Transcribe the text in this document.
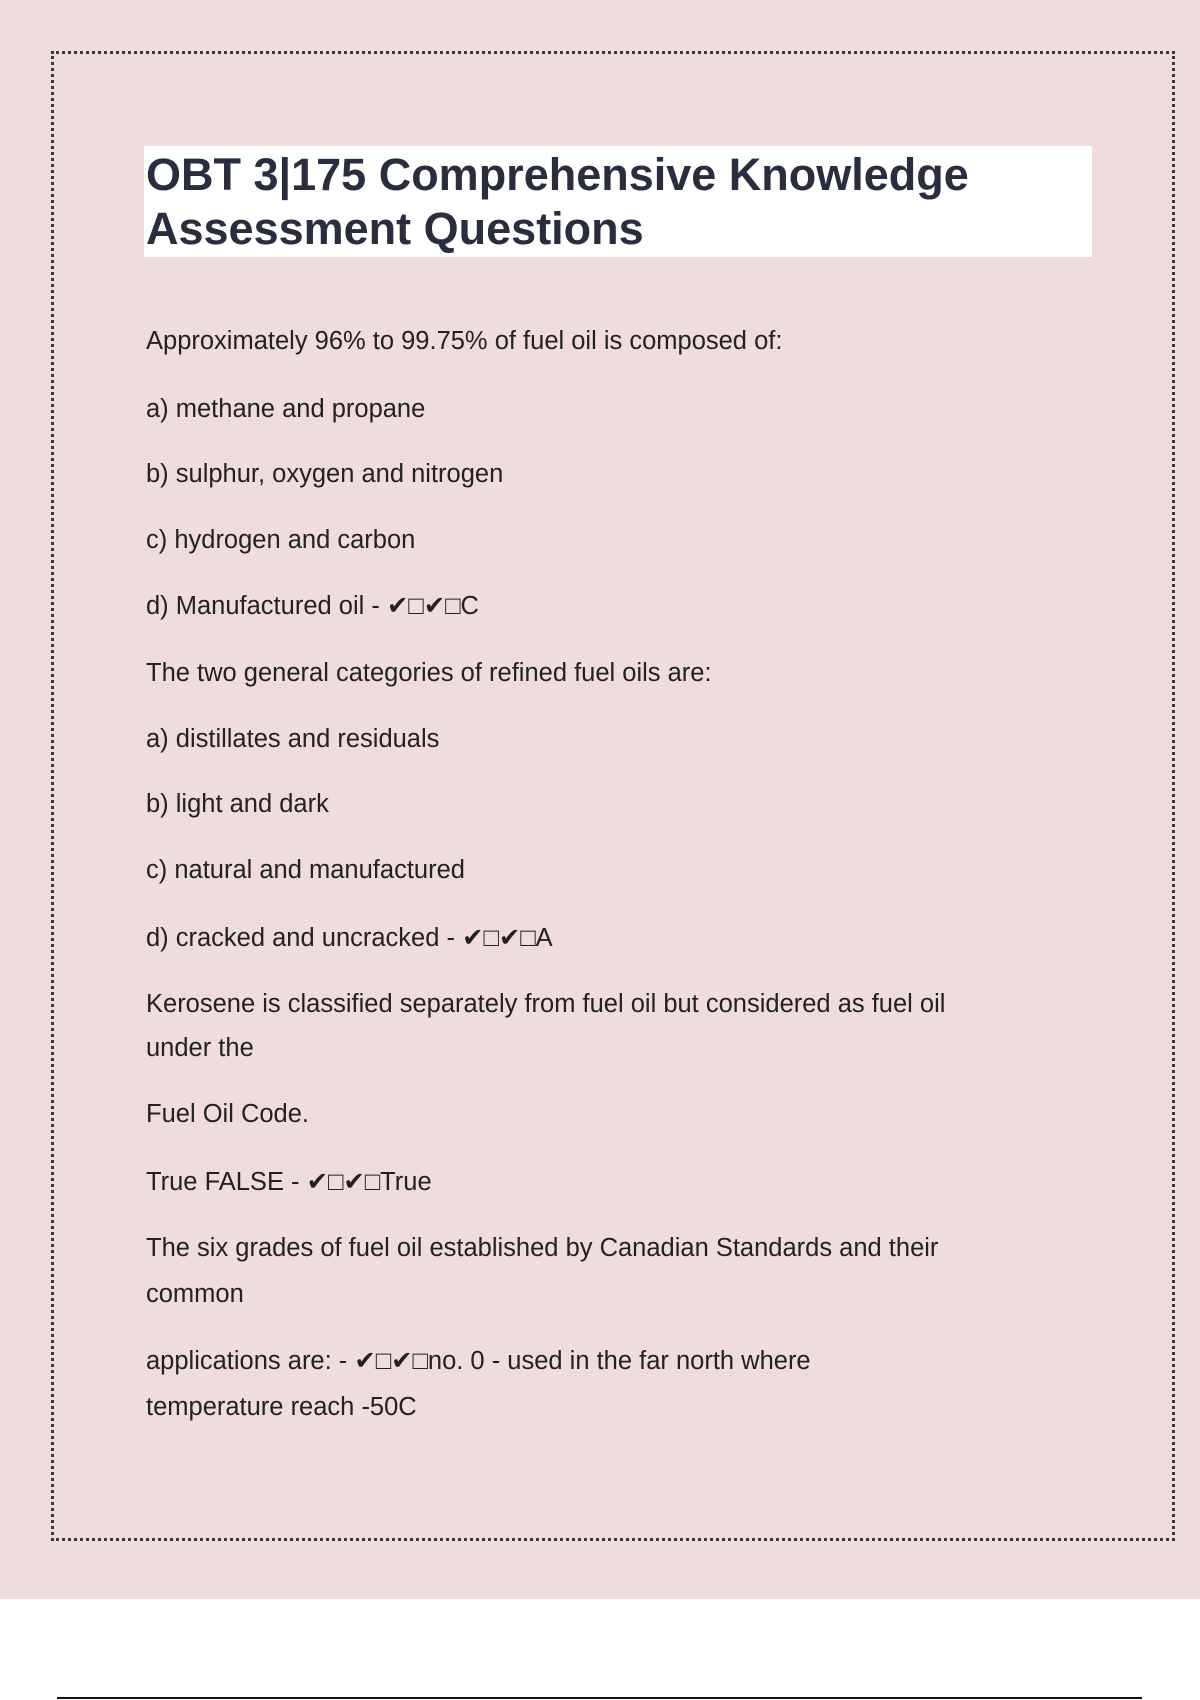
OBT 3|175 Comprehensive Knowledge Assessment Questions

Approximately 96% to 99.75% of fuel oil is composed of:

a) methane and propane

b) sulphur, oxygen and nitrogen

c) hydrogen and carbon

d) Manufactured oil - ✔□✔□C

The two general categories of refined fuel oils are:

a) distillates and residuals

b) light and dark

c) natural and manufactured

d) cracked and uncracked - ✔□✔□A

Kerosene is classified separately from fuel oil but considered as fuel oil

under the

Fuel Oil Code.

True FALSE - ✔□✔□True

The six grades of fuel oil established by Canadian Standards and their

common

applications are: - ✔□✔□no. 0 - used in the far north where

temperature reach -50C
